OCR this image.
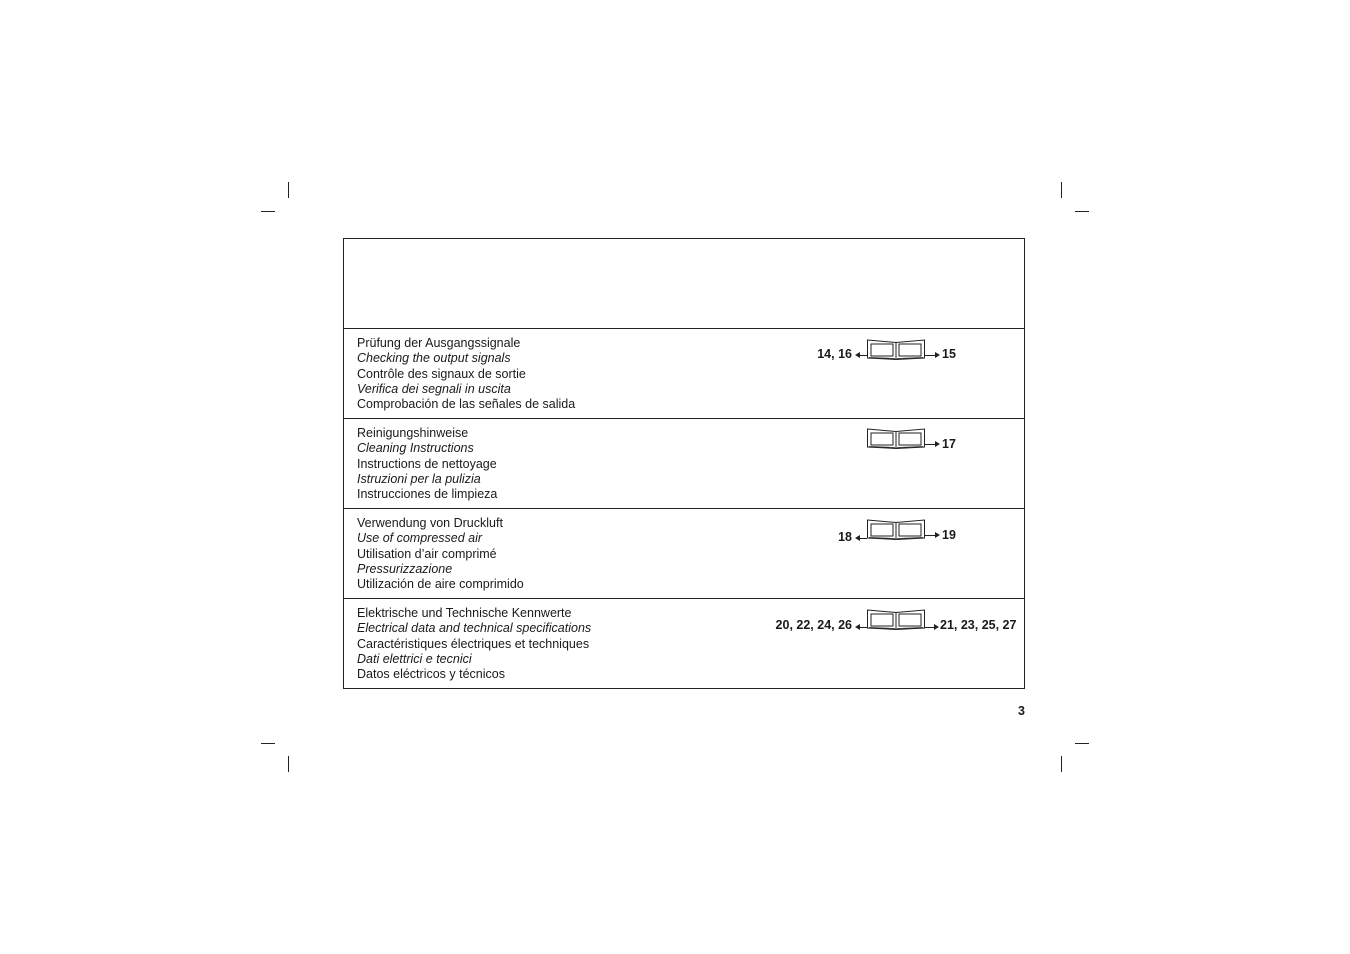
Prüfung der Ausgangssignale
Checking the output signals
Contrôle des signaux de sortie
Verifica dei segnali in uscita
Comprobación de las señales de salida
14, 16	15
Reinigungshinweise
Cleaning Instructions
Instructions de nettoyage
Istruzioni per la pulizia
Instrucciones de limpieza
17
Verwendung von Druckluft
Use of compressed air
Utilisation d’air comprimé
Pressurizzazione
Utilización de aire comprimido
18	19
Elektrische und Technische Kennwerte
Electrical data and technical specifications
Caractéristiques électriques et techniques
Dati elettrici e tecnici
Datos eléctricos y técnicos
20, 22, 24, 26	21, 23, 25, 27
3
